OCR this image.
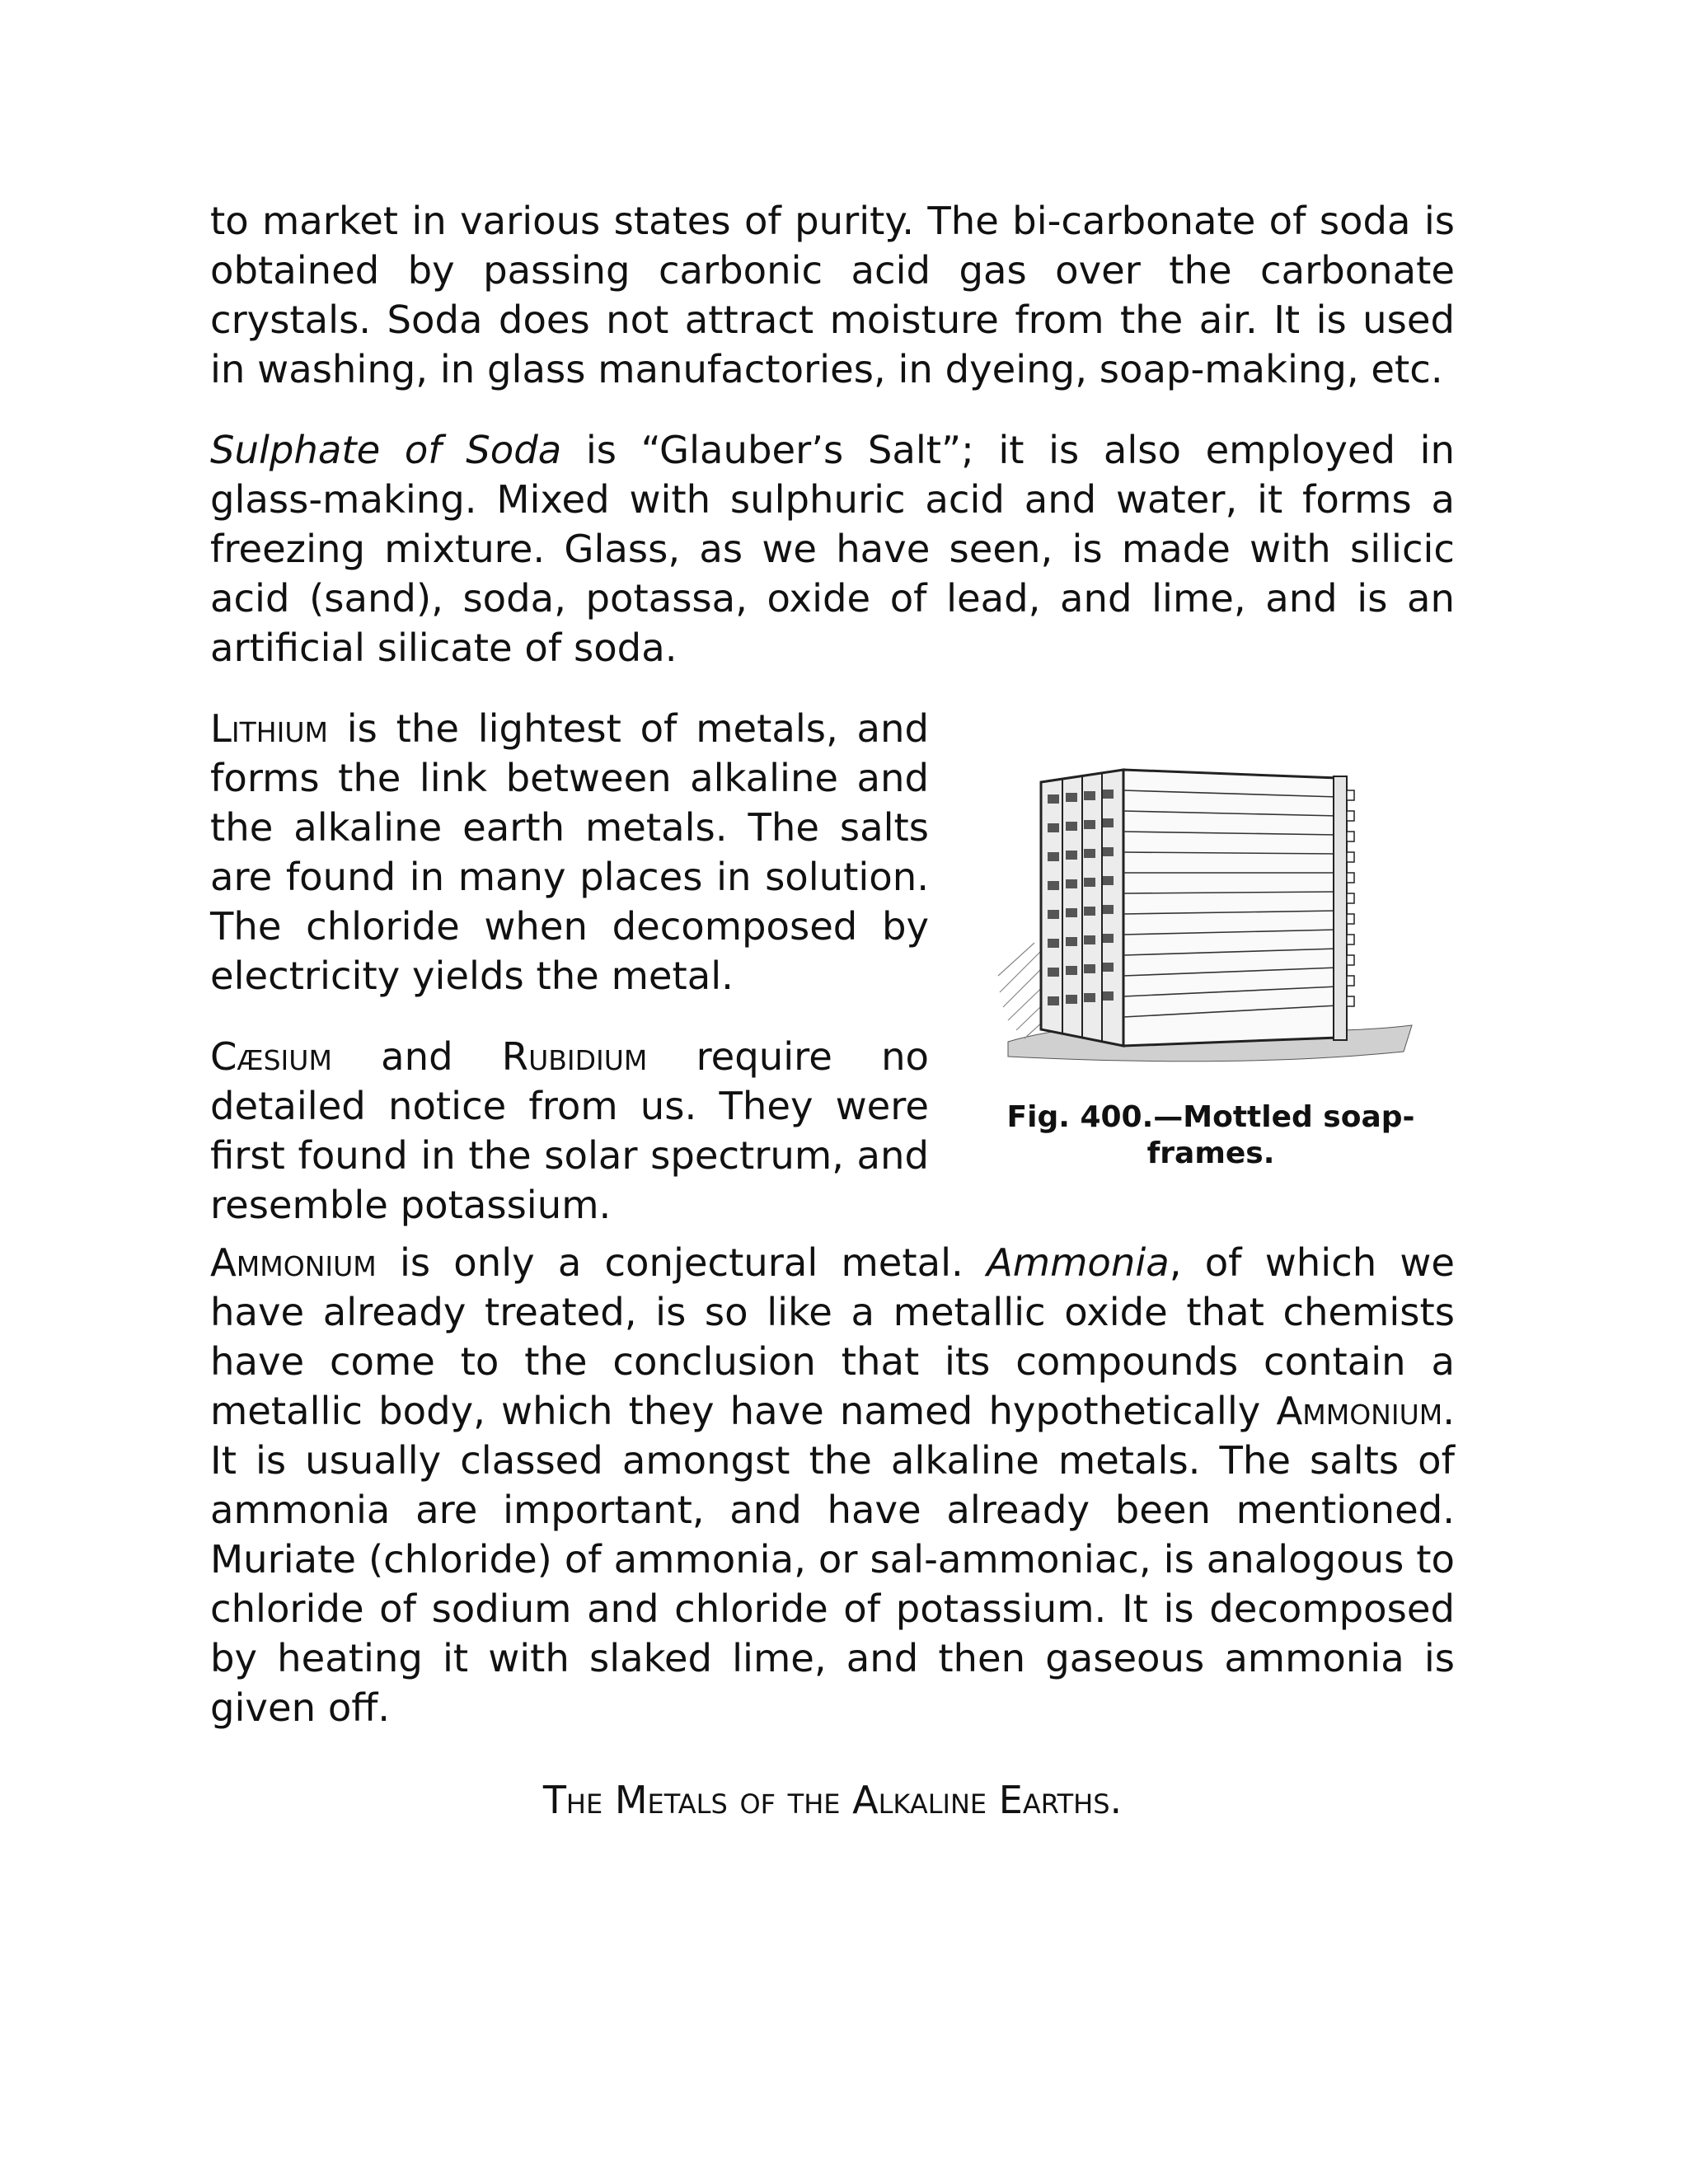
to market in various states of purity. The bi-carbonate of soda is obtained by passing carbonic acid gas over the carbonate crystals. Soda does not attract moisture from the air. It is used in washing, in glass manufactories, in dyeing, soap-making, etc.

Sulphate of Soda is “Glauber’s Salt”; it is also employed in glass-making. Mixed with sulphuric acid and water, it forms a freezing mixture. Glass, as we have seen, is made with silicic acid (sand), soda, potassa, oxide of lead, and lime, and is an artificial silicate of soda.

Lithium is the lightest of metals, and forms the link between alkaline and the alkaline earth metals. The salts are found in many places in solution. The chloride when decomposed by electricity yields the metal.

Cæsium and Rubidium require no detailed notice from us. They were first found in the solar spectrum, and resemble potassium.

Fig. 400.—Mottled soap-frames.

Ammonium is only a conjectural metal. Ammonia, of which we have already treated, is so like a metallic oxide that chemists have come to the conclusion that its compounds contain a metallic body, which they have named hypothetically Ammonium. It is usually classed amongst the alkaline metals. The salts of ammonia are important, and have already been mentioned. Muriate (chloride) of ammonia, or sal-ammoniac, is analogous to chloride of sodium and chloride of potassium. It is decomposed by heating it with slaked lime, and then gaseous ammonia is given off.

The Metals of the Alkaline Earths.
